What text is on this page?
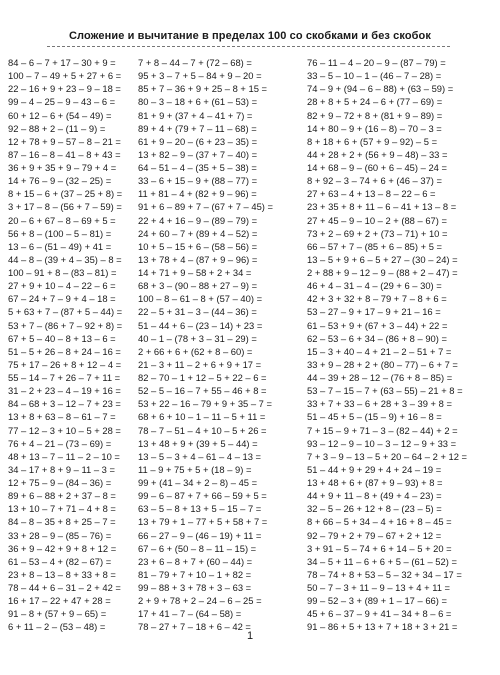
Сложение и вычитание в пределах 100 со скобками и без скобок
84 – 6 – 7 + 17 – 30 + 9 =
100 – 7 – 49 + 5 + 27 + 6 =
22 – 16 + 9 + 23 – 9 – 18 =
99 – 4 – 25 – 9 – 43 – 6 =
60 + 12 – 6 + (54 – 49) =
92 – 88 + 2 – (11 – 9) =
12 + 78 + 9 – 57 – 8 – 21 =
87 – 16 – 8 – 41 – 8 + 43 =
36 + 9 + 35 + 9 – 79 + 4 =
14 + 76 – 9 – (32 – 25) =
8 + 15 – 6 + (37 – 25 + 8) =
3 + 17 – 8 – (56 + 7 – 59) =
20 – 6 + 67 – 8 – 69 + 5 =
56 + 8 – (100 – 5 – 81) =
13 – 6 – (51 – 49) + 41 =
44 – 8 – (39 + 4 – 35) – 8 =
100 – 91 + 8 – (83 – 81) =
27 + 9 + 10 – 4 – 22 – 6 =
67 – 24 + 7 – 9 + 4 – 18 =
5 + 63 + 7 – (87 + 5 – 44) =
53 + 7 – (86 + 7 – 92 + 8) =
67 + 5 – 40 – 8 + 13 – 6 =
51 – 5 + 26 – 8 + 24 – 16 =
75 + 17 – 26 + 8 + 12 – 4 =
55 – 14 – 7 + 26 – 7 + 11 =
31 – 2 + 23 – 4 – 19 + 16 =
84 – 68 + 3 – 12 – 7 + 23 =
13 + 8 + 63 – 8 – 61 – 7 =
77 – 12 – 3 + 10 – 5 + 28 =
76 + 4 – 21 – (73 – 69) =
48 + 13 – 7 – 11 – 2 – 10 =
34 – 17 + 8 + 9 – 11 – 3 =
12 + 75 – 9 – (84 – 36) =
89 + 6 – 88 + 2 + 37 – 8 =
13 + 10 – 7 + 71 – 4 + 8 =
84 – 8 – 35 + 8 + 25 – 7 =
33 + 28 – 9 – (85 – 76) =
36 + 9 – 42 + 9 + 8 + 12 =
61 – 53 – 4 + (82 – 67) =
23 + 8 – 13 – 8 + 33 + 8 =
78 – 44 + 6 – 31 – 2 + 42 =
16 + 17 – 22 + 47 + 28 =
91 – 8 + (57 + 9 – 65) =
6 + 11 – 2 – (53 – 48) =
7 + 8 – 44 – 7 + (72 – 68) =
95 + 3 – 7 + 5 – 84 + 9 – 20 =
85 + 7 – 36 + 9 + 25 – 8 + 15 =
80 – 3 – 18 + 6 + (61 – 53) =
81 + 9 + (37 + 4 – 41 + 7) =
89 + 4 + (79 + 7 – 11 – 68) =
61 + 9 – 20 – (6 + 23 – 35) =
13 + 82 – 9 – (37 + 7 – 40) =
64 – 51 – 4 – (35 + 5 – 38) =
33 – 6 + 15 – 9 + (88 – 77) =
11 + 81 – 4 + (82 + 9 – 96) =
91 + 6 – 89 + 7 – (67 + 7 – 45) =
22 + 4 + 16 – 9 – (89 – 79) =
24 + 60 – 7 + (89 + 4 – 52) =
10 + 5 – 15 + 6 – (58 – 56) =
13 + 78 + 4 – (87 + 9 – 96) =
14 + 71 + 9 – 58 + 2 + 34 =
68 + 3 – (90 – 88 + 27 – 9) =
100 – 8 – 61 – 8 + (57 – 40) =
22 – 5 + 31 – 3 – (44 – 36) =
51 – 44 + 6 – (23 – 14) + 23 =
40 – 1 – (78 + 3 – 31 – 29) =
2 + 66 + 6 + (62 + 8 – 60) =
21 – 3 + 11 – 2 + 6 + 9 + 17 =
82 – 70 – 1 + 12 – 5 + 22 – 6 =
52 – 5 – 16 – 7 + 55 – 46 + 8 =
53 + 22 – 16 – 79 + 9 + 35 – 7 =
68 + 6 + 10 – 1 – 11 – 5 + 11 =
78 – 7 – 51 – 4 + 10 – 5 + 26 =
13 + 48 + 9 + (39 + 5 – 44) =
13 – 5 – 3 + 4 – 61 – 4 – 13 =
11 – 9 + 75 + 5 + (18 – 9) =
99 + (41 – 34 + 2 – 8) – 45 =
99 – 6 – 87 + 7 + 66 – 59 + 5 =
63 – 5 – 8 + 13 + 5 – 15 – 7 =
13 + 79 + 1 – 77 + 5 + 58 + 7 =
66 – 27 – 9 – (46 – 19) + 11 =
67 – 6 + (50 – 8 – 11 – 15) =
23 + 6 – 8 + 7 + (60 – 44) =
81 – 79 + 7 + 10 – 1 + 82 =
99 – 88 + 3 + 78 + 3 – 63 =
2 + 9 + 78 + 2 – 24 – 6 – 25 =
17 + 41 – 7 – (64 – 58) =
78 – 27 + 7 – 18 + 6 – 42 =
76 – 11 – 4 – 20 – 9 – (87 – 79) =
33 – 5 – 10 – 1 – (46 – 7 – 28) =
74 – 9 + (94 – 6 – 88) + (63 – 59) =
28 + 8 + 5 + 24 – 6 + (77 – 69) =
82 + 9 – 72 + 8 + (81 + 9 – 89) =
14 + 80 – 9 + (16 – 8) – 70 – 3 =
8 + 18 + 6 + (57 + 9 – 92) – 5 =
44 + 28 + 2 + (56 + 9 – 48) – 33 =
14 + 68 – 9 – (60 + 6 – 45) – 24 =
8 + 92 – 3 – 74 + 6 + (46 – 37) =
27 + 63 – 4 + 13 – 8 – 22 – 6 =
23 + 35 + 8 + 11 – 6 – 41 + 13 – 8 =
27 + 45 – 9 – 10 – 2 + (88 – 67) =
73 + 2 – 69 + 2 + (73 – 71) + 10 =
66 – 57 + 7 – (85 + 6 – 85) + 5 =
13 – 5 + 9 + 6 – 5 + 27 – (30 – 24) =
2 + 88 + 9 – 12 – 9 – (88 + 2 – 47) =
46 + 4 – 31 – 4 – (29 + 6 – 30) =
42 + 3 + 32 + 8 – 79 + 7 – 8 + 6 =
53 – 27 – 9 + 17 – 9 + 21 – 16 =
61 – 53 + 9 + (67 + 3 – 44) + 22 =
62 – 53 – 6 + 34 – (86 + 8 – 90) =
15 – 3 + 40 – 4 + 21 – 2 – 51 + 7 =
33 + 9 – 28 + 2 + (80 – 77) – 6 + 7 =
44 – 39 + 28 – 12 – (76 + 8 – 85) =
53 – 7 – 15 – 7 + (63 – 55) – 21 + 8 =
33 + 7 + 33 – 6 + 28 + 3 – 39 + 8 =
51 – 45 + 5 – (15 – 9) + 16 – 8 =
7 + 15 – 9 + 71 – 3 – (82 – 44) + 2 =
93 – 12 – 9 – 10 – 3 – 12 – 9 + 33 =
7 + 3 – 9 – 13 – 5 + 20 – 64 – 2 + 12 =
51 – 44 + 9 + 29 + 4 + 24 – 19 =
13 + 48 + 6 + (87 + 9 – 93) + 8 =
44 + 9 + 11 – 8 + (49 + 4 – 23) =
32 – 5 – 26 + 12 + 8 – (23 – 5) =
8 + 66 – 5 + 34 – 4 + 16 + 8 – 45 =
92 – 79 + 2 + 79 – 67 + 2 + 12 =
3 + 91 – 5 – 74 + 6 + 14 – 5 + 20 =
34 – 5 + 11 – 6 + 6 + 5 – (61 – 52) =
78 – 74 + 8 + 53 – 5 – 32 + 34 – 17 =
50 – 7 – 3 + 11 – 9 – 13 + 4 + 11 =
99 – 52 – 3 + (89 + 1 – 17 – 66) =
45 + 6 – 37 – 9 + 41 – 34 + 8 – 6 =
91 – 86 + 5 + 13 + 7 + 18 + 3 + 21 =
1
